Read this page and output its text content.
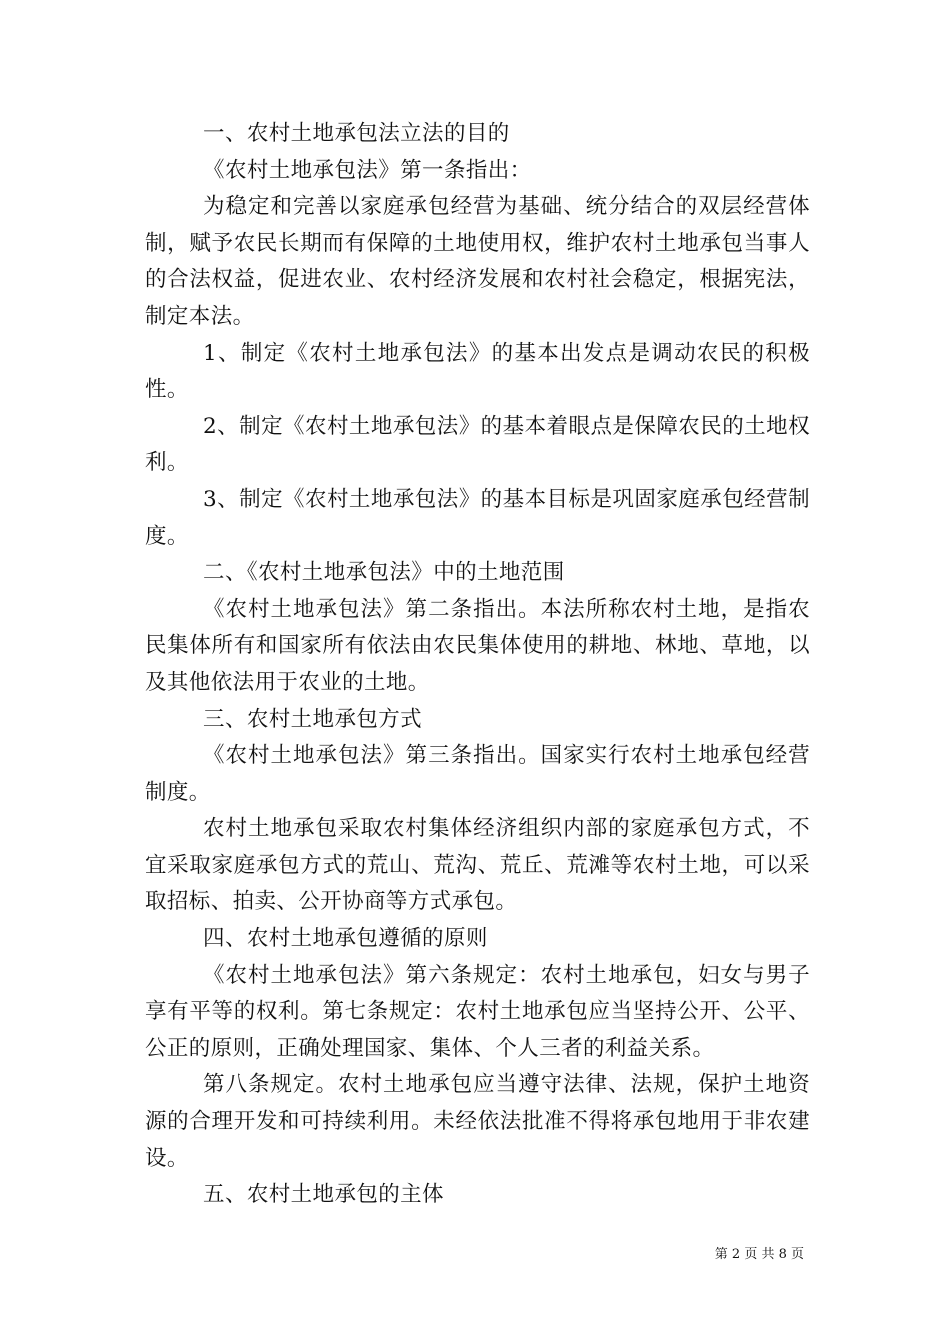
一、农村土地承包法立法的目的

《农村土地承包法》第一条指出：

为稳定和完善以家庭承包经营为基础、统分结合的双层经营体制，赋予农民长期而有保障的土地使用权，维护农村土地承包当事人的合法权益，促进农业、农村经济发展和农村社会稳定，根据宪法，制定本法。

1、制定《农村土地承包法》的基本出发点是调动农民的积极性。

2、制定《农村土地承包法》的基本着眼点是保障农民的土地权利。

3、制定《农村土地承包法》的基本目标是巩固家庭承包经营制度。

二、《农村土地承包法》中的土地范围

《农村土地承包法》第二条指出。本法所称农村土地，是指农民集体所有和国家所有依法由农民集体使用的耕地、林地、草地，以及其他依法用于农业的土地。

三、农村土地承包方式

《农村土地承包法》第三条指出。国家实行农村土地承包经营制度。

农村土地承包采取农村集体经济组织内部的家庭承包方式，不宜采取家庭承包方式的荒山、荒沟、荒丘、荒滩等农村土地，可以采取招标、拍卖、公开协商等方式承包。

四、农村土地承包遵循的原则

《农村土地承包法》第六条规定：农村土地承包，妇女与男子享有平等的权利。第七条规定：农村土地承包应当坚持公开、公平、公正的原则，正确处理国家、集体、个人三者的利益关系。

第八条规定。农村土地承包应当遵守法律、法规，保护土地资源的合理开发和可持续利用。未经依法批准不得将承包地用于非农建设。

五、农村土地承包的主体

第 2 页 共 8 页
